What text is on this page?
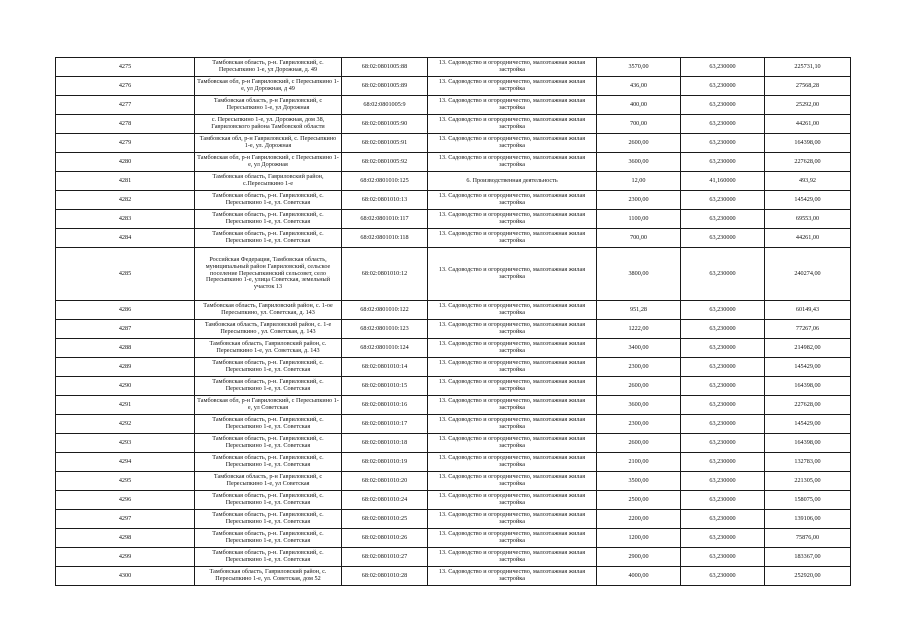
4275	Тамбовская область, р-н. Гавриловский, с. Пересыпкино 1-е, ул Дорожная, д. 49	68:02:0801005:88	13. Садоводство и огородничество, малоэтажная жилая застройка	3570,00	63,230000	225731,10
4276	Тамбовская обл, р-н Гавриловский, с Пересыпкино 1-е, ул Дорожная, д 49	68:02:0801005:89	13. Садоводство и огородничество, малоэтажная жилая застройка	436,00	63,230000	27568,28
4277	Тамбовская область, р-н Гавриловский, с Пересыпкино 1-е, ул Дорожная	68:02:0801005:9	13. Садоводство и огородничество, малоэтажная жилая застройка	400,00	63,230000	25292,00
4278	с. Пересыпкино 1-е, ул. Дорожная, дом 38, Гавриловского района Тамбовской области	68:02:0801005:90	13. Садоводство и огородничество, малоэтажная жилая застройка	700,00	63,230000	44261,00
4279	Тамбовская обл, р-н Гавриловский, с. Пересыпкино 1-е, ул. Дорожная	68:02:0801005:91	13. Садоводство и огородничество, малоэтажная жилая застройка	2600,00	63,230000	164398,00
4280	Тамбовская обл, р-н Гавриловский, с Пересыпкино 1-е, ул Дорожная	68:02:0801005:92	13. Садоводство и огородничество, малоэтажная жилая застройка	3600,00	63,230000	227628,00
4281	Тамбовская область, Гавриловский район, с.Пересыпкино 1-е	68:02:0801010:125	6. Производственная деятельность	12,00	41,160000	493,92
4282	Тамбовская область, р-н. Гавриловский, с. Пересыпкино 1-е, ул. Советская	68:02:0801010:13	13. Садоводство и огородничество, малоэтажная жилая застройка	2300,00	63,230000	145429,00
4283	Тамбовская область, р-н. Гавриловский, с. Пересыпкино 1-е, ул. Советская	68:02:0801010:117	13. Садоводство и огородничество, малоэтажная жилая застройка	1100,00	63,230000	69553,00
4284	Тамбовская область, р-н. Гавриловский, с. Пересыпкино 1-е, ул. Советская	68:02:0801010:118	13. Садоводство и огородничество, малоэтажная жилая застройка	700,00	63,230000	44261,00
4285	Российская Федерация, Тамбовская область, муниципальный район Гавриловский, сельское поселение Пересыпкинский сельсовет, село Пересыпкино 1-е, улица Советская, земельный участок 13	68:02:0801010:12	13. Садоводство и огородничество, малоэтажная жилая застройка	3800,00	63,230000	240274,00
4286	Тамбовская область, Гавриловский район, с. 1-ое Пересыпкино, ул. Советская, д. 143	68:02:0801010:122	13. Садоводство и огородничество, малоэтажная жилая застройка	951,28	63,230000	60149,43
4287	Тамбовская область, Гавриловский район, с. 1-е Пересыпкино , ул. Советская, д. 143	68:02:0801010:123	13. Садоводство и огородничество, малоэтажная жилая застройка	1222,00	63,230000	77267,06
4288	Тамбовская область, Гавриловский район, с. Пересыпкино 1-е, ул. Советская, д. 143	68:02:0801010:124	13. Садоводство и огородничество, малоэтажная жилая застройка	3400,00	63,230000	214982,00
4289	Тамбовская область, р-н. Гавриловский, с. Пересыпкино 1-е, ул. Советская	68:02:0801010:14	13. Садоводство и огородничество, малоэтажная жилая застройка	2300,00	63,230000	145429,00
4290	Тамбовская область, р-н. Гавриловский, с. Пересыпкино 1-е, ул. Советская	68:02:0801010:15	13. Садоводство и огородничество, малоэтажная жилая застройка	2600,00	63,230000	164398,00
4291	Тамбовская обл, р-н Гавриловский, с Пересыпкино 1-е, ул Советская	68:02:0801010:16	13. Садоводство и огородничество, малоэтажная жилая застройка	3600,00	63,230000	227628,00
4292	Тамбовская область, р-н. Гавриловский, с. Пересыпкино 1-е, ул. Советская	68:02:0801010:17	13. Садоводство и огородничество, малоэтажная жилая застройка	2300,00	63,230000	145429,00
4293	Тамбовская область, р-н. Гавриловский, с. Пересыпкино 1-е, ул. Советская	68:02:0801010:18	13. Садоводство и огородничество, малоэтажная жилая застройка	2600,00	63,230000	164398,00
4294	Тамбовская область, р-н. Гавриловский, с. Пересыпкино 1-е, ул. Советская	68:02:0801010:19	13. Садоводство и огородничество, малоэтажная жилая застройка	2100,00	63,230000	132783,00
4295	Тамбовская область, р-н Гавриловский, с Пересыпкино 1-е, ул Советская	68:02:0801010:20	13. Садоводство и огородничество, малоэтажная жилая застройка	3500,00	63,230000	221305,00
4296	Тамбовская область, р-н. Гавриловский, с. Пересыпкино 1-е, ул. Советская	68:02:0801010:24	13. Садоводство и огородничество, малоэтажная жилая застройка	2500,00	63,230000	158075,00
4297	Тамбовская область, р-н. Гавриловский, с. Пересыпкино 1-е, ул. Советская	68:02:0801010:25	13. Садоводство и огородничество, малоэтажная жилая застройка	2200,00	63,230000	139106,00
4298	Тамбовская область, р-н. Гавриловский, с. Пересыпкино 1-е, ул. Советская	68:02:0801010:26	13. Садоводство и огородничество, малоэтажная жилая застройка	1200,00	63,230000	75876,00
4299	Тамбовская область, р-н. Гавриловский, с. Пересыпкино 1-е, ул. Советская	68:02:0801010:27	13. Садоводство и огородничество, малоэтажная жилая застройка	2900,00	63,230000	183367,00
4300	Тамбовская область, Гавриловский район, с. Пересыпкино 1-е, ул. Советская, дом 52	68:02:0801010:28	13. Садоводство и огородничество, малоэтажная жилая застройка	4000,00	63,230000	252920,00
